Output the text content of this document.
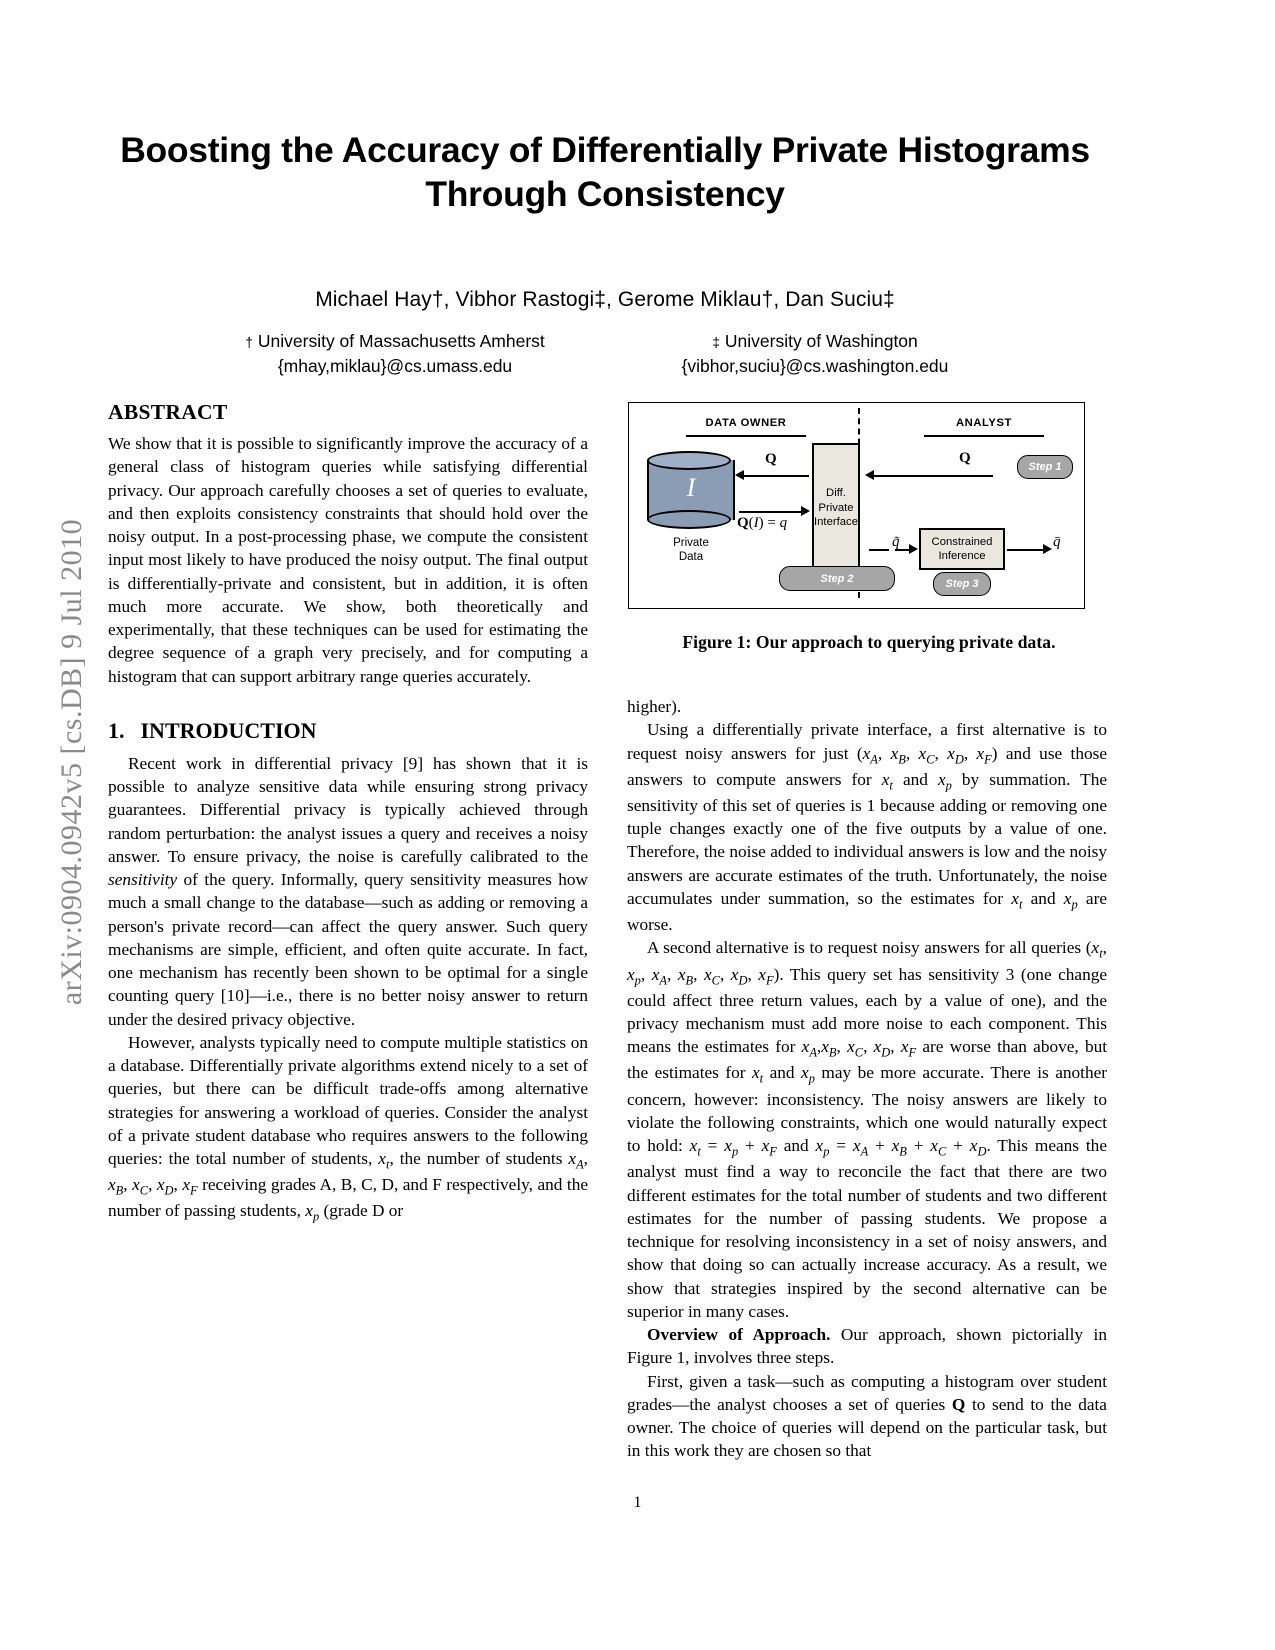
arXiv:0904.0942v5 [cs.DB] 9 Jul 2010
Boosting the Accuracy of Differentially Private Histograms Through Consistency
Michael Hay†, Vibhor Rastogi‡, Gerome Miklau†, Dan Suciu‡
† University of Massachusetts Amherst
{mhay,miklau}@cs.umass.edu
‡ University of Washington
{vibhor,suciu}@cs.washington.edu
ABSTRACT

We show that it is possible to significantly improve the accuracy of a general class of histogram queries while satisfying differential privacy. Our approach carefully chooses a set of queries to evaluate, and then exploits consistency constraints that should hold over the noisy output. In a post-processing phase, we compute the consistent input most likely to have produced the noisy output. The final output is differentially-private and consistent, but in addition, it is often much more accurate. We show, both theoretically and experimentally, that these techniques can be used for estimating the degree sequence of a graph very precisely, and for computing a histogram that can support arbitrary range queries accurately.

1. INTRODUCTION

Recent work in differential privacy [9] has shown that it is possible to analyze sensitive data while ensuring strong privacy guarantees. Differential privacy is typically achieved through random perturbation: the analyst issues a query and receives a noisy answer. To ensure privacy, the noise is carefully calibrated to the sensitivity of the query. Informally, query sensitivity measures how much a small change to the database—such as adding or removing a person's private record—can affect the query answer. Such query mechanisms are simple, efficient, and often quite accurate. In fact, one mechanism has recently been shown to be optimal for a single counting query [10]—i.e., there is no better noisy answer to return under the desired privacy objective.

However, analysts typically need to compute multiple statistics on a database. Differentially private algorithms extend nicely to a set of queries, but there can be difficult trade-offs among alternative strategies for answering a workload of queries. Consider the analyst of a private student database who requires answers to the following queries: the total number of students, $x_t$, the number of students $x_A$, $x_B$, $x_C$, $x_D$, $x_F$ receiving grades A, B, C, D, and F respectively, and the number of passing students, $x_p$ (grade D or

higher).

Using a differentially private interface, a first alternative is to request noisy answers for just ($x_A$, $x_B$, $x_C$, $x_D$, $x_F$) and use those answers to compute answers for $x_t$ and $x_p$ by summation. The sensitivity of this set of queries is 1 because adding or removing one tuple changes exactly one of the five outputs by a value of one. Therefore, the noise added to individual answers is low and the noisy answers are accurate estimates of the truth. Unfortunately, the noise accumulates under summation, so the estimates for $x_t$ and $x_p$ are worse.

A second alternative is to request noisy answers for all queries ($x_t$, $x_p$, $x_A$, $x_B$, $x_C$, $x_D$, $x_F$). This query set has sensitivity 3 (one change could affect three return values, each by a value of one), and the privacy mechanism must add more noise to each component. This means the estimates for $x_A,x_B$, $x_C$, $x_D$, $x_F$ are worse than above, but the estimates for $x_t$ and $x_p$ may be more accurate. There is another concern, however: inconsistency. The noisy answers are likely to violate the following constraints, which one would naturally expect to hold: $x_t = x_p + x_F$ and $x_p = x_A + x_B + x_C + x_D$. This means the analyst must find a way to reconcile the fact that there are two different estimates for the total number of students and two different estimates for the number of passing students. We propose a technique for resolving inconsistency in a set of noisy answers, and show that doing so can actually increase accuracy. As a result, we show that strategies inspired by the second alternative can be superior in many cases.

Overview of Approach. Our approach, shown pictorially in Figure 1, involves three steps.

First, given a task—such as computing a histogram over student grades—the analyst chooses a set of queries Q to send to the data owner. The choice of queries will depend on the particular task, but in this work they are chosen so that

DATA OWNER	ANALYST
I
Private
Data
Q
Q(I) = q
Diff.
Private
Interface
Q
q̃	Constrained
Inference
q̄
Step 1
Step 2	Step 3
Figure 1: Our approach to querying private data.
1
